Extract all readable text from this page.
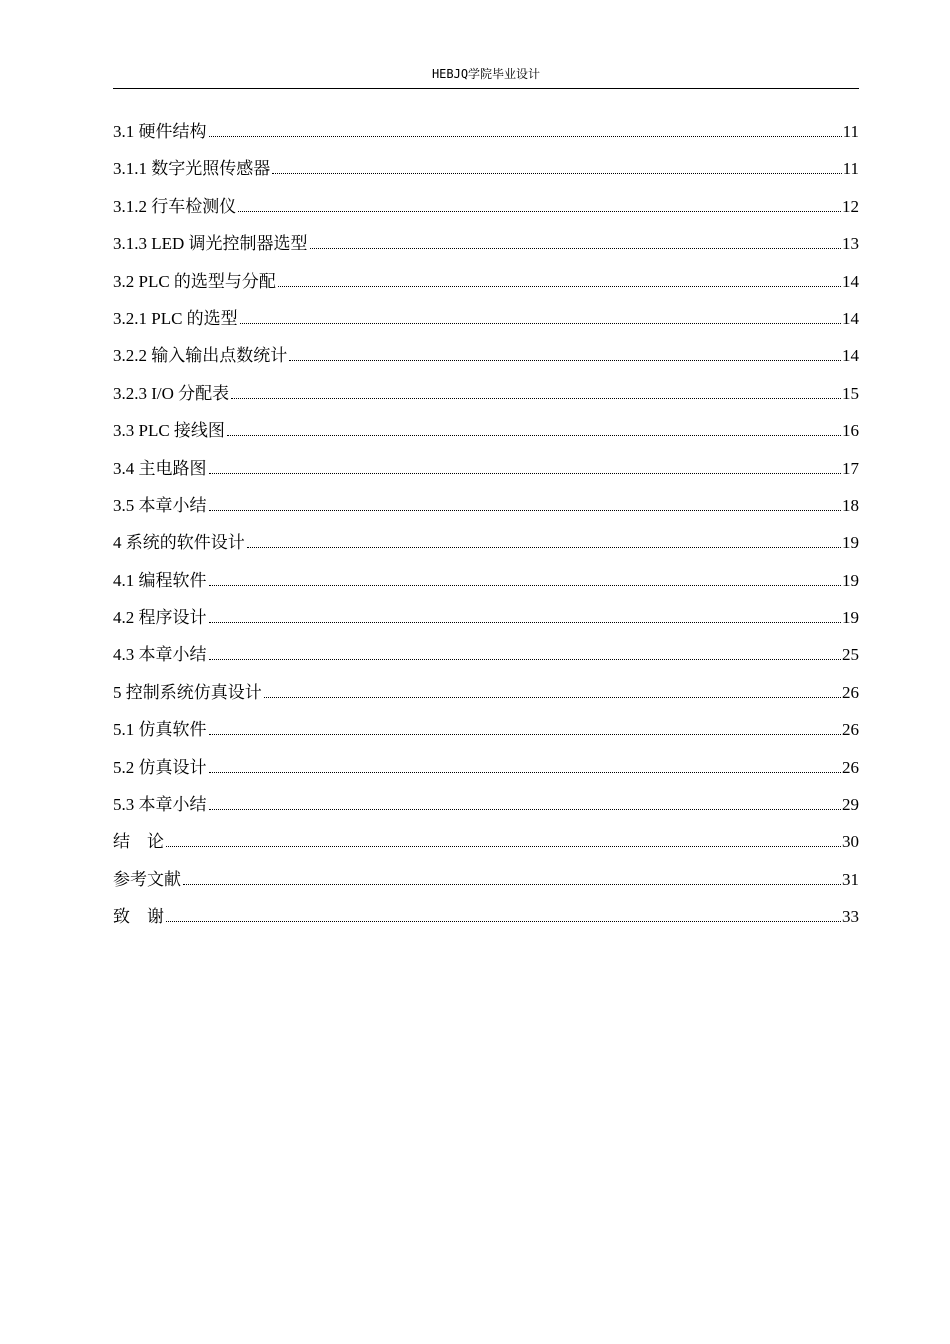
HEBJQ学院毕业设计
3.1 硬件结构	11
3.1.1 数字光照传感器	11
3.1.2 行车检测仪	12
3.1.3 LED 调光控制器选型	13
3.2 PLC 的选型与分配	14
3.2.1 PLC 的选型	14
3.2.2 输入输出点数统计	14
3.2.3 I/O 分配表	15
3.3 PLC 接线图	16
3.4 主电路图	17
3.5 本章小结	18
4 系统的软件设计	19
4.1 编程软件	19
4.2 程序设计	19
4.3 本章小结	25
5 控制系统仿真设计	26
5.1 仿真软件	26
5.2 仿真设计	26
5.3 本章小结	29
结    论	30
参考文献	31
致    谢	33
